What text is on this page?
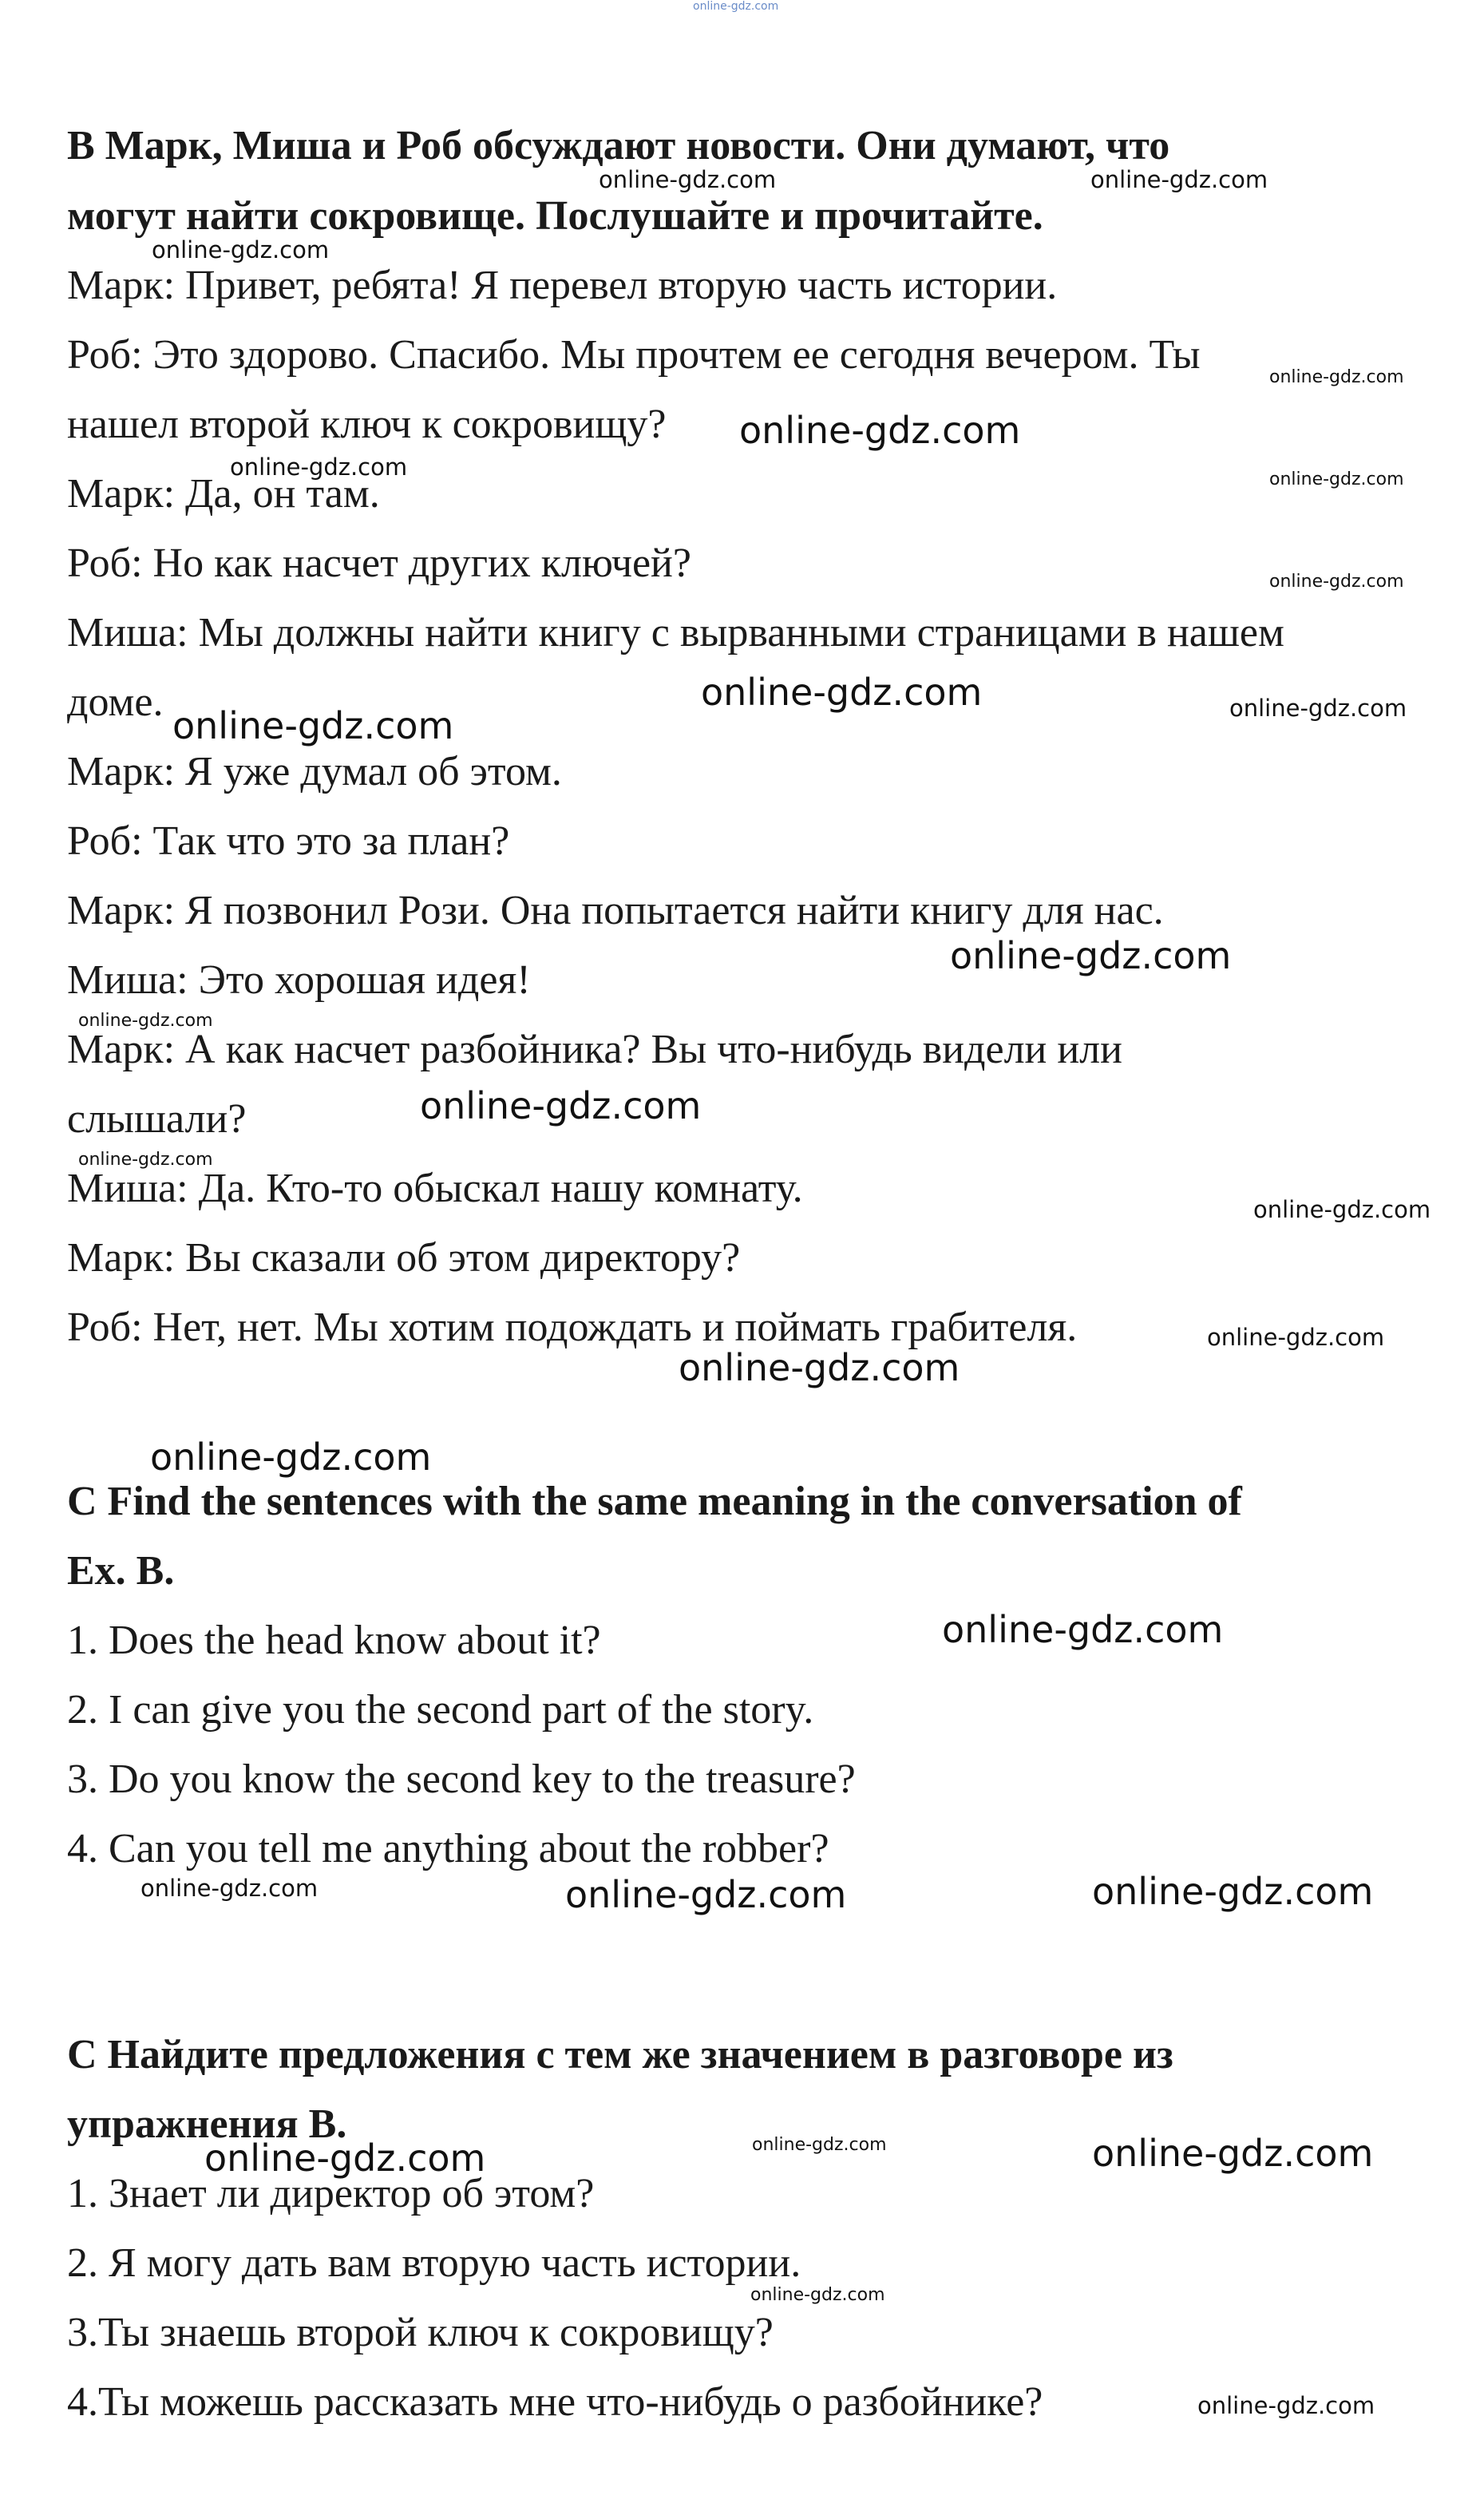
online-gdz.com

B Марк, Миша и Роб обсуждают новости. Они думают, что

могут найти сокровище. Послушайте и прочитайте.

Марк: Привет, ребята! Я перевел вторую часть истории.

Роб: Это здорово. Спасибо. Мы прочтем ее сегодня вечером. Ты

нашел второй ключ к сокровищу?

Марк: Да, он там.

Роб: Но как насчет других ключей?

Миша: Мы должны найти книгу с вырванными страницами в нашем

доме.

Марк: Я уже думал об этом.

Роб: Так что это за план?

Марк: Я позвонил Рози. Она попытается найти книгу для нас.

Миша: Это хорошая идея!

Марк: А как насчет разбойника? Вы что-нибудь видели или

слышали?

Миша: Да. Кто-то обыскал нашу комнату.

Марк: Вы сказали об этом директору?

Роб: Нет, нет. Мы хотим подождать и поймать грабителя.

C Find the sentences with the same meaning in the conversation of

Ex. B.

1. Does the head know about it?

2. I can give you the second part of the story.

3. Do you know the second key to the treasure?

4. Can you tell me anything about the robber?

C Найдите предложения с тем же значением в разговоре из

упражнения B.

1. Знает ли директор об этом?

2. Я могу дать вам вторую часть истории.

3.Ты знаешь второй ключ к сокровищу?

4.Ты можешь рассказать мне что-нибудь о разбойнике?

online-gdz.com	online-gdz.com
online-gdz.com
online-gdz.com
online-gdz.com
online-gdz.com	online-gdz.com
online-gdz.com
online-gdz.com	online-gdz.com
online-gdz.com
online-gdz.com
online-gdz.com
online-gdz.com
online-gdz.com
online-gdz.com
online-gdz.com
online-gdz.com
online-gdz.com
online-gdz.com
online-gdz.com	online-gdz.com	online-gdz.com
online-gdz.com	online-gdz.com
online-gdz.com
online-gdz.com
online-gdz.com
